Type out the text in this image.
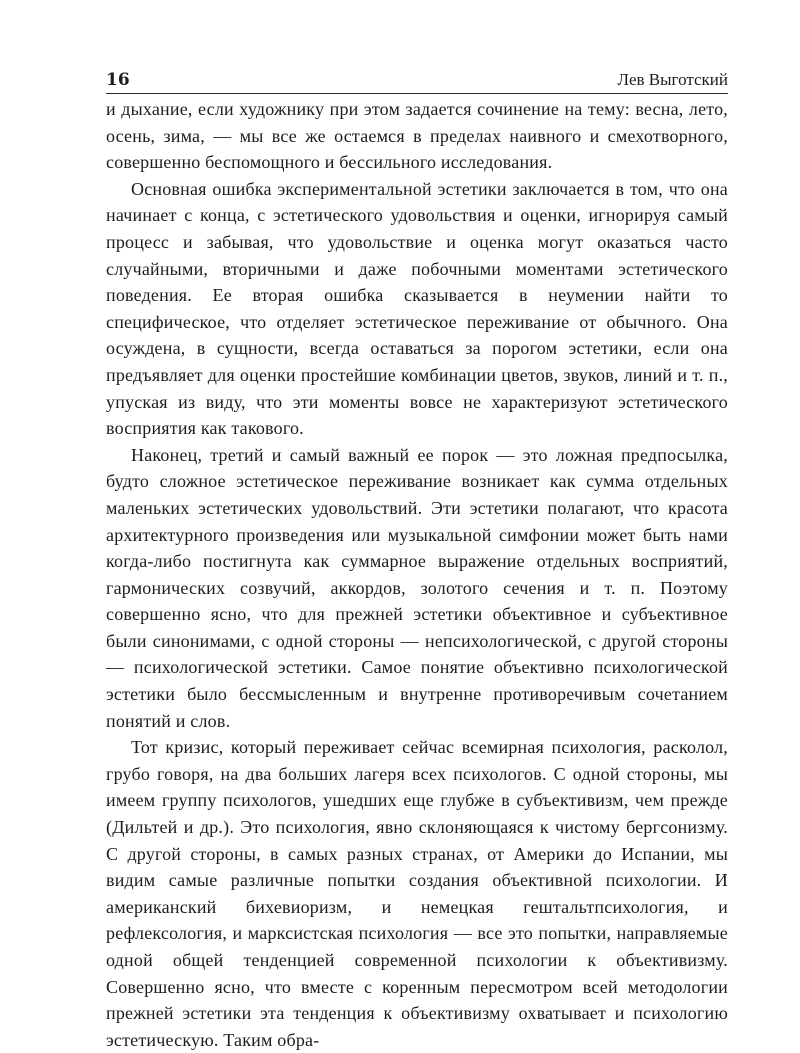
16	Лев Выготский

и дыхание, если художнику при этом задается сочинение на тему: весна, лето, осень, зима, — мы все же остаемся в пределах наивного и смехотворного, совершенно беспомощного и бессильного исследования.

Основная ошибка экспериментальной эстетики заключается в том, что она начинает с конца, с эстетического удовольствия и оценки, игнорируя самый процесс и забывая, что удовольствие и оценка могут оказаться часто случайными, вторичными и даже побочными моментами эстетического поведения. Ее вторая ошибка сказывается в неумении найти то специфическое, что отделяет эстетическое переживание от обычного. Она осуждена, в сущности, всегда оставаться за порогом эстетики, если она предъявляет для оценки простейшие комбинации цветов, звуков, линий и т. п., упуская из виду, что эти моменты вовсе не характеризуют эстетического восприятия как такового.

Наконец, третий и самый важный ее порок — это ложная предпосылка, будто сложное эстетическое переживание возникает как сумма отдельных маленьких эстетических удовольствий. Эти эстетики полагают, что красота архитектурного произведения или музыкальной симфонии может быть нами когда-либо постигнута как суммарное выражение отдельных восприятий, гармонических созвучий, аккордов, золотого сечения и т. п. Поэтому совершенно ясно, что для прежней эстетики объективное и субъективное были синонимами, с одной стороны — непсихологической, с другой стороны — психологической эстетики. Самое понятие объективно психологической эстетики было бессмысленным и внутренне противоречивым сочетанием понятий и слов.

Тот кризис, который переживает сейчас всемирная психология, расколол, грубо говоря, на два больших лагеря всех психологов. С одной стороны, мы имеем группу психологов, ушедших еще глубже в субъективизм, чем прежде (Дильтей и др.). Это психология, явно склоняющаяся к чистому бергсонизму. С другой стороны, в самых разных странах, от Америки до Испании, мы видим самые различные попытки создания объективной психологии. И американский бихевиоризм, и немецкая гештальтпсихология, и рефлексология, и марксистская психология — все это попытки, направляемые одной общей тенденцией современной психологии к объективизму. Совершенно ясно, что вместе с коренным пересмотром всей методологии прежней эстетики эта тенденция к объективизму охватывает и психологию эстетическую. Таким обра-
